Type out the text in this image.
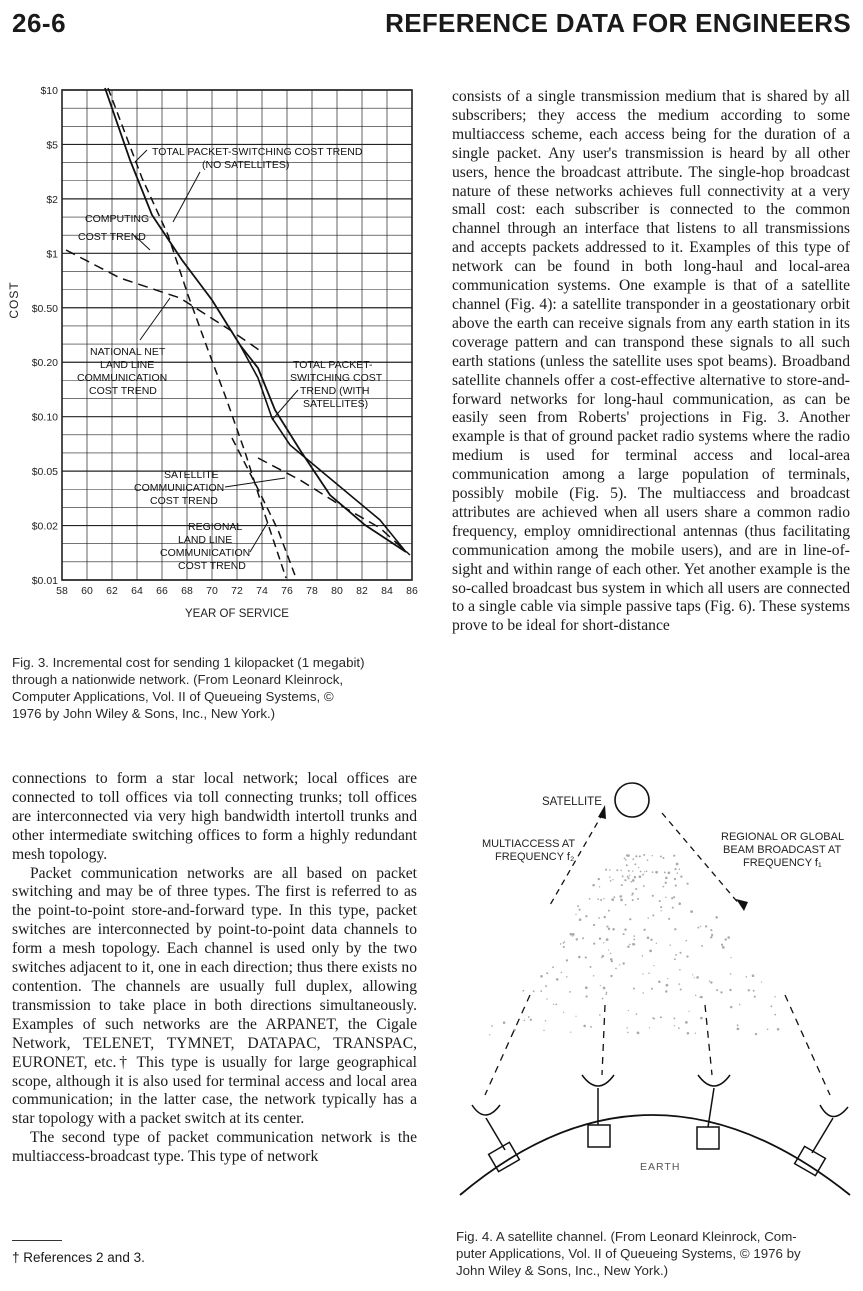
26-6	REFERENCE DATA FOR ENGINEERS
$10
$5
$2
$1
$0.50
$0.20
$0.10
$0.05
$0.02
$0.01
58 60 62 64 66 68 70 72 74 76 78 80 82 84 86
TOTAL PACKET-SWITCHING COST TREND
(NO SATELLITES)
COMPUTING
COST TREND
NATIONAL NET
LAND LINE
COMMUNICATION
COST TREND
TOTAL PACKET-
SWITCHING COST
TREND (WITH
SATELLITES)
SATELLITE
COMMUNICATION
COST TREND
REGIONAL
LAND LINE
COMMUNICATION
COST TREND
COST
YEAR OF SERVICE
Fig. 3. Incremental cost for sending 1 kilopacket (1 megabit)
through a nationwide network. (From Leonard Kleinrock,
Computer Applications, Vol. II of Queueing Systems, ©
1976 by John Wiley & Sons, Inc., New York.)

consists of a single transmission medium that is shared by all subscribers; they access the medium according to some multiaccess scheme, each access being for the duration of a single packet. Any user's transmission is heard by all other users, hence the broadcast attribute. The single-hop broadcast nature of these networks achieves full connectivity at a very small cost: each subscriber is connected to the common channel through an interface that listens to all transmissions and accepts packets addressed to it. Examples of this type of network can be found in both long-haul and local-area communication systems. One example is that of a satellite channel (Fig. 4): a satellite transponder in a geostationary orbit above the earth can receive signals from any earth station in its coverage pattern and can transpond these signals to all such earth stations (unless the satellite uses spot beams). Broadband satellite channels offer a cost-effective alternative to store-and-forward networks for long-haul communication, as can be easily seen from Roberts' projections in Fig. 3. Another example is that of ground packet radio systems where the radio medium is used for terminal access and local-area communication among a large population of terminals, possibly mobile (Fig. 5). The multiaccess and broadcast attributes are achieved when all users share a common radio frequency, employ omnidirectional antennas (thus facilitating communication among the mobile users), and are in line-of-sight and within range of each other. Yet another example is the so-called broadcast bus system in which all users are connected to a single cable via simple passive taps (Fig. 6). These systems prove to be ideal for short-distance

connections to form a star local network; local offices are connected to toll offices via toll connecting trunks; toll offices are interconnected via very high bandwidth intertoll trunks and other intermediate switching offices to form a highly redundant mesh topology.

Packet communication networks are all based on packet switching and may be of three types. The first is referred to as the point-to-point store-and-forward type. In this type, packet switches are interconnected by point-to-point data channels to form a mesh topology. Each channel is used only by the two switches adjacent to it, one in each direction; thus there exists no contention. The channels are usually full duplex, allowing transmission to take place in both directions simultaneously. Examples of such networks are the ARPANET, the Cigale Network, TELENET, TYMNET, DATAPAC, TRANSPAC, EURONET, etc.† This type is usually for large geographical scope, although it is also used for terminal access and local area communication; in the latter case, the network typically has a star topology with a packet switch at its center.

The second type of packet communication network is the multiaccess-broadcast type. This type of network

SATELLITE
MULTIACCESS AT
FREQUENCY f₂
REGIONAL OR GLOBAL
BEAM BROADCAST AT
FREQUENCY f₁
EARTH
Fig. 4. A satellite channel. (From Leonard Kleinrock, Com-
puter Applications, Vol. II of Queueing Systems, © 1976 by
John Wiley & Sons, Inc., New York.)
† References 2 and 3.
